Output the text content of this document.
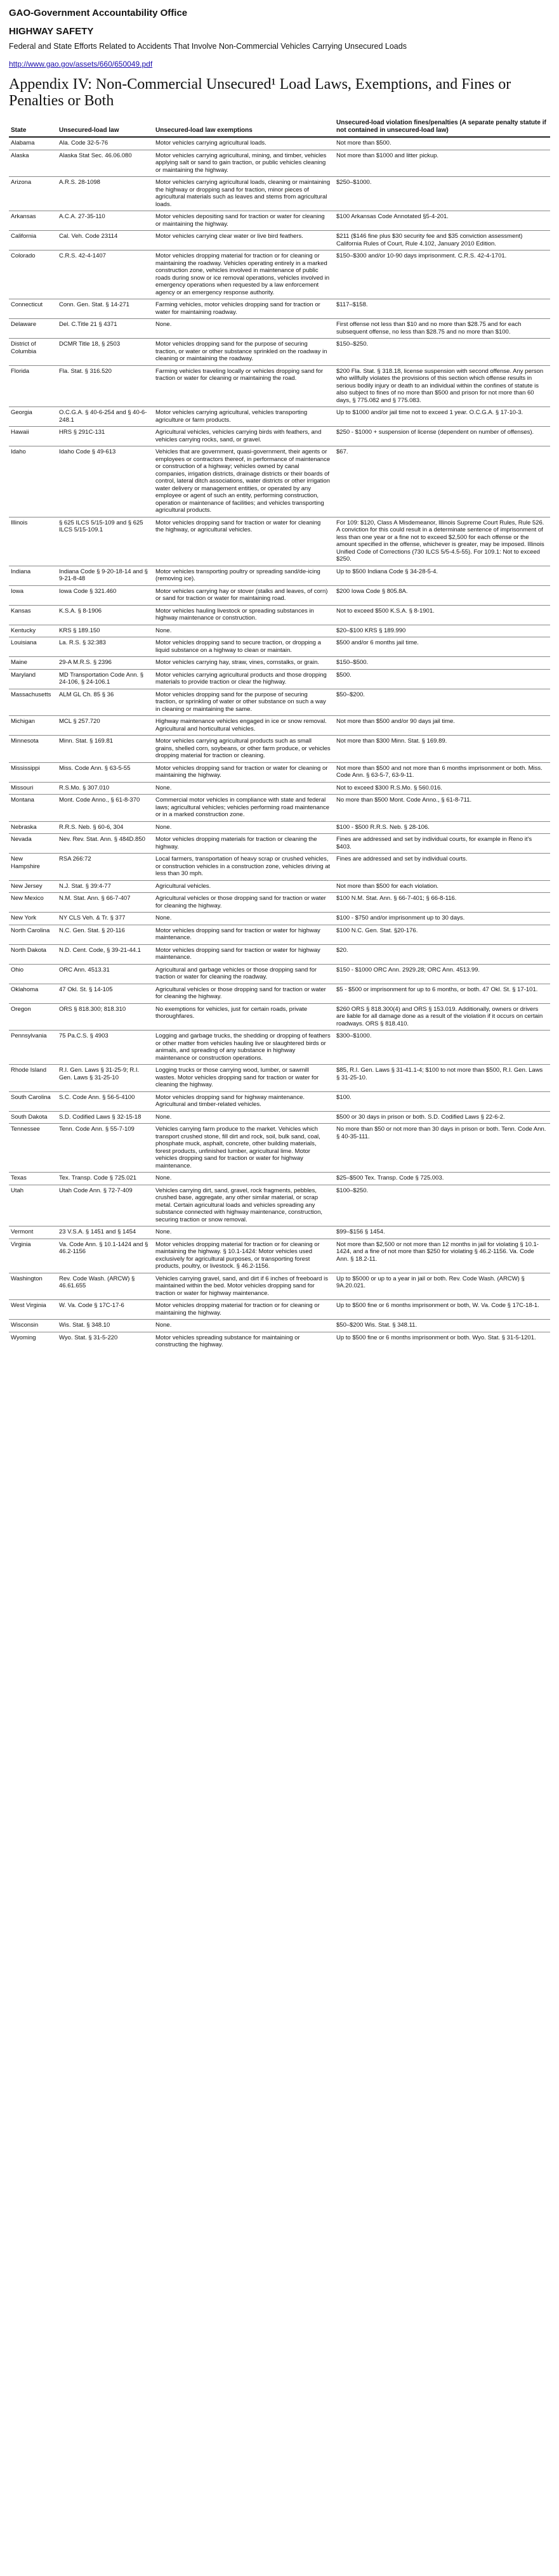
GAO-Government Accountability Office
HIGHWAY SAFETY
Federal and State Efforts Related to Accidents That Involve Non-Commercial Vehicles Carrying Unsecured Loads
http://www.gao.gov/assets/660/650049.pdf
Appendix IV: Non-Commercial Unsecured¹ Load Laws, Exemptions, and Fines or Penalties or Both
State	Unsecured-load law	Unsecured-load law exemptions	Unsecured-load violation fines/penalties (A separate penalty statute if not contained in unsecured-load law)
Alabama	Ala. Code 32-5-76	Motor vehicles carrying agricultural loads.	Not more than $500.
Alaska	Alaska Stat Sec. 46.06.080	Motor vehicles carrying agricultural, mining, and timber, vehicles applying salt or sand to gain traction, or public vehicles cleaning or maintaining the highway.	Not more than $1000 and litter pickup.
Arizona	A.R.S. 28-1098	Motor vehicles carrying agricultural loads, cleaning or maintaining the highway or dropping sand for traction, minor pieces of agricultural materials such as leaves and stems from agricultural loads.	$250–$1000.
Arkansas	A.C.A. 27-35-110	Motor vehicles depositing sand for traction or water for cleaning or maintaining the highway.	$100 Arkansas Code Annotated §5-4-201.
California	Cal. Veh. Code 23114	Motor vehicles carrying clear water or live bird feathers.	$211 ($146 fine plus $30 security fee and $35 conviction assessment) California Rules of Court, Rule 4.102, January 2010 Edition.
Colorado	C.R.S. 42-4-1407	Motor vehicles dropping material for traction or for cleaning or maintaining the roadway. Vehicles operating entirely in a marked construction zone, vehicles involved in maintenance of public roads during snow or ice removal operations, vehicles involved in emergency operations when requested by a law enforcement agency or an emergency response authority.	$150–$300 and/or 10-90 days imprisonment. C.R.S. 42-4-1701.
Connecticut	Conn. Gen. Stat. § 14-271	Farming vehicles, motor vehicles dropping sand for traction or water for maintaining roadway.	$117–$158.
Delaware	Del. C.Title 21 § 4371	None.	First offense not less than $10 and no more than $28.75 and for each subsequent offense, no less than $28.75 and no more than $100.
District of Columbia	DCMR Title 18, § 2503	Motor vehicles dropping sand for the purpose of securing traction, or water or other substance sprinkled on the roadway in cleaning or maintaining the roadway.	$150–$250.
Florida	Fla. Stat. § 316.520	Farming vehicles traveling locally or vehicles dropping sand for traction or water for cleaning or maintaining the road.	$200 Fla. Stat. § 318.18, license suspension with second offense. Any person who willfully violates the provisions of this section which offense results in serious bodily injury or death to an individual within the confines of statute is also subject to fines of no more than $500 and prison for not more than 60 days, § 775.082 and § 775.083.
Georgia	O.C.G.A. § 40-6-254 and § 40-6-248.1	Motor vehicles carrying agricultural, vehicles transporting agriculture or farm products.	Up to $1000 and/or jail time not to exceed 1 year. O.C.G.A. § 17-10-3.
Hawaii	HRS § 291C-131	Agricultural vehicles, vehicles carrying birds with feathers, and vehicles carrying rocks, sand, or gravel.	$250 - $1000 + suspension of license (dependent on number of offenses).
Idaho	Idaho Code § 49-613	Vehicles that are government, quasi-government, their agents or employees or contractors thereof, in performance of maintenance or construction of a highway; vehicles owned by canal companies, irrigation districts, drainage districts or their boards of control, lateral ditch associations, water districts or other irrigation water delivery or management entities, or operated by any employee or agent of such an entity, performing construction, operation or maintenance of facilities; and vehicles transporting agricultural products.	$67.
Illinois	§ 625 ILCS 5/15-109 and § 625 ILCS 5/15-109.1	Motor vehicles dropping sand for traction or water for cleaning the highway, or agricultural vehicles.	For 109: $120, Class A Misdemeanor, Illinois Supreme Court Rules, Rule 526. A conviction for this could result in a determinate sentence of imprisonment of less than one year or a fine not to exceed $2,500 for each offense or the amount specified in the offense, whichever is greater, may be imposed. Illinois Unified Code of Corrections (730 ILCS 5/5-4.5-55). For 109.1: Not to exceed $250.
Indiana	Indiana Code § 9-20-18-14 and § 9-21-8-48	Motor vehicles transporting poultry or spreading sand/de-icing (removing ice).	Up to $500 Indiana Code § 34-28-5-4.
Iowa	Iowa Code § 321.460	Motor vehicles carrying hay or stover (stalks and leaves, of corn) or sand for traction or water for maintaining road.	$200 Iowa Code § 805.8A.
Kansas	K.S.A. § 8-1906	Motor vehicles hauling livestock or spreading substances in highway maintenance or construction.	Not to exceed $500 K.S.A. § 8-1901.
Kentucky	KRS § 189.150	None.	$20–$100 KRS § 189.990
Louisiana	La. R.S. § 32:383	Motor vehicles dropping sand to secure traction, or dropping a liquid substance on a highway to clean or maintain.	$500 and/or 6 months jail time.
Maine	29-A M.R.S. § 2396	Motor vehicles carrying hay, straw, vines, cornstalks, or grain.	$150–$500.
Maryland	MD Transportation Code Ann. § 24-106, § 24-106.1	Motor vehicles carrying agricultural products and those dropping materials to provide traction or clear the highway.	$500.
Massachusetts	ALM GL Ch. 85 § 36	Motor vehicles dropping sand for the purpose of securing traction, or sprinkling of water or other substance on such a way in cleaning or maintaining the same.	$50–$200.
Michigan	MCL § 257.720	Highway maintenance vehicles engaged in ice or snow removal. Agricultural and horticultural vehicles.	Not more than $500 and/or 90 days jail time.
Minnesota	Minn. Stat. § 169.81	Motor vehicles carrying agricultural products such as small grains, shelled corn, soybeans, or other farm produce, or vehicles dropping material for traction or cleaning.	Not more than $300 Minn. Stat. § 169.89.
Mississippi	Miss. Code Ann. § 63-5-55	Motor vehicles dropping sand for traction or water for cleaning or maintaining the highway.	Not more than $500 and not more than 6 months imprisonment or both. Miss. Code Ann. § 63-5-7, 63-9-11.
Missouri	R.S.Mo. § 307.010	None.	Not to exceed $300 R.S.Mo. § 560.016.
Montana	Mont. Code Anno., § 61-8-370	Commercial motor vehicles in compliance with state and federal laws; agricultural vehicles; vehicles performing road maintenance or in a marked construction zone.	No more than $500 Mont. Code Anno., § 61-8-711.
Nebraska	R.R.S. Neb. § 60-6, 304	None.	$100 - $500 R.R.S. Neb. § 28-106.
Nevada	Nev. Rev. Stat. Ann. § 484D.850	Motor vehicles dropping materials for traction or cleaning the highway.	Fines are addressed and set by individual courts, for example in Reno it's $403.
New Hampshire	RSA 266:72	Local farmers, transportation of heavy scrap or crushed vehicles, or construction vehicles in a construction zone, vehicles driving at less than 30 mph.	Fines are addressed and set by individual courts.
New Jersey	N.J. Stat. § 39:4-77	Agricultural vehicles.	Not more than $500 for each violation.
New Mexico	N.M. Stat. Ann. § 66-7-407	Agricultural vehicles or those dropping sand for traction or water for cleaning the highway.	$100 N.M. Stat. Ann. § 66-7-401; § 66-8-116.
New York	NY CLS Veh. & Tr. § 377	None.	$100 - $750 and/or imprisonment up to 30 days.
North Carolina	N.C. Gen. Stat. § 20-116	Motor vehicles dropping sand for traction or water for highway maintenance.	$100 N.C. Gen. Stat. §20-176.
North Dakota	N.D. Cent. Code, § 39-21-44.1	Motor vehicles dropping sand for traction or water for highway maintenance.	$20.
Ohio	ORC Ann. 4513.31	Agricultural and garbage vehicles or those dropping sand for traction or water for cleaning the roadway.	$150 - $1000 ORC Ann. 2929.28; ORC Ann. 4513.99.
Oklahoma	47 Okl. St. § 14-105	Agricultural vehicles or those dropping sand for traction or water for cleaning the highway.	$5 - $500 or imprisonment for up to 6 months, or both. 47 Okl. St. § 17-101.
Oregon	ORS § 818.300; 818.310	No exemptions for vehicles, just for certain roads, private thoroughfares.	$260 ORS § 818.300(4) and ORS § 153.019. Additionally, owners or drivers are liable for all damage done as a result of the violation if it occurs on certain roadways. ORS § 818.410.
Pennsylvania	75 Pa.C.S. § 4903	Logging and garbage trucks, the shedding or dropping of feathers or other matter from vehicles hauling live or slaughtered birds or animals, and spreading of any substance in highway maintenance or construction operations.	$300–$1000.
Rhode Island	R.I. Gen. Laws § 31-25-9; R.I. Gen. Laws § 31-25-10	Logging trucks or those carrying wood, lumber, or sawmill wastes. Motor vehicles dropping sand for traction or water for cleaning the highway.	$85, R.I. Gen. Laws § 31-41.1-4; $100 to not more than $500, R.I. Gen. Laws § 31-25-10.
South Carolina	S.C. Code Ann. § 56-5-4100	Motor vehicles dropping sand for highway maintenance. Agricultural and timber-related vehicles.	$100.
South Dakota	S.D. Codified Laws § 32-15-18	None.	$500 or 30 days in prison or both. S.D. Codified Laws § 22-6-2.
Tennessee	Tenn. Code Ann. § 55-7-109	Vehicles carrying farm produce to the market. Vehicles which transport crushed stone, fill dirt and rock, soil, bulk sand, coal, phosphate muck, asphalt, concrete, other building materials, forest products, unfinished lumber, agricultural lime. Motor vehicles dropping sand for traction or water for highway maintenance.	No more than $50 or not more than 30 days in prison or both. Tenn. Code Ann. § 40-35-111.
Texas	Tex. Transp. Code § 725.021	None.	$25–$500 Tex. Transp. Code § 725.003.
Utah	Utah Code Ann. § 72-7-409	Vehicles carrying dirt, sand, gravel, rock fragments, pebbles, crushed base, aggregate, any other similar material, or scrap metal. Certain agricultural loads and vehicles spreading any substance connected with highway maintenance, construction, securing traction or snow removal.	$100–$250.
Vermont	23 V.S.A. § 1451 and § 1454	None.	$99–$156 § 1454.
Virginia	Va. Code Ann. § 10.1-1424 and § 46.2-1156	Motor vehicles dropping material for traction or for cleaning or maintaining the highway. § 10.1-1424: Motor vehicles used exclusively for agricultural purposes, or transporting forest products, poultry, or livestock. § 46.2-1156.	Not more than $2,500 or not more than 12 months in jail for violating § 10.1-1424, and a fine of not more than $250 for violating § 46.2-1156. Va. Code Ann. § 18.2-11.
Washington	Rev. Code Wash. (ARCW) § 46.61.655	Vehicles carrying gravel, sand, and dirt if 6 inches of freeboard is maintained within the bed. Motor vehicles dropping sand for traction or water for highway maintenance.	Up to $5000 or up to a year in jail or both. Rev. Code Wash. (ARCW) § 9A.20.021.
West Virginia	W. Va. Code § 17C-17-6	Motor vehicles dropping material for traction or for cleaning or maintaining the highway.	Up to $500 fine or 6 months imprisonment or both, W. Va. Code § 17C-18-1.
Wisconsin	Wis. Stat. § 348.10	None.	$50–$200 Wis. Stat. § 348.11.
Wyoming	Wyo. Stat. § 31-5-220	Motor vehicles spreading substance for maintaining or constructing the highway.	Up to $500 fine or 6 months imprisonment or both. Wyo. Stat. § 31-5-1201.
